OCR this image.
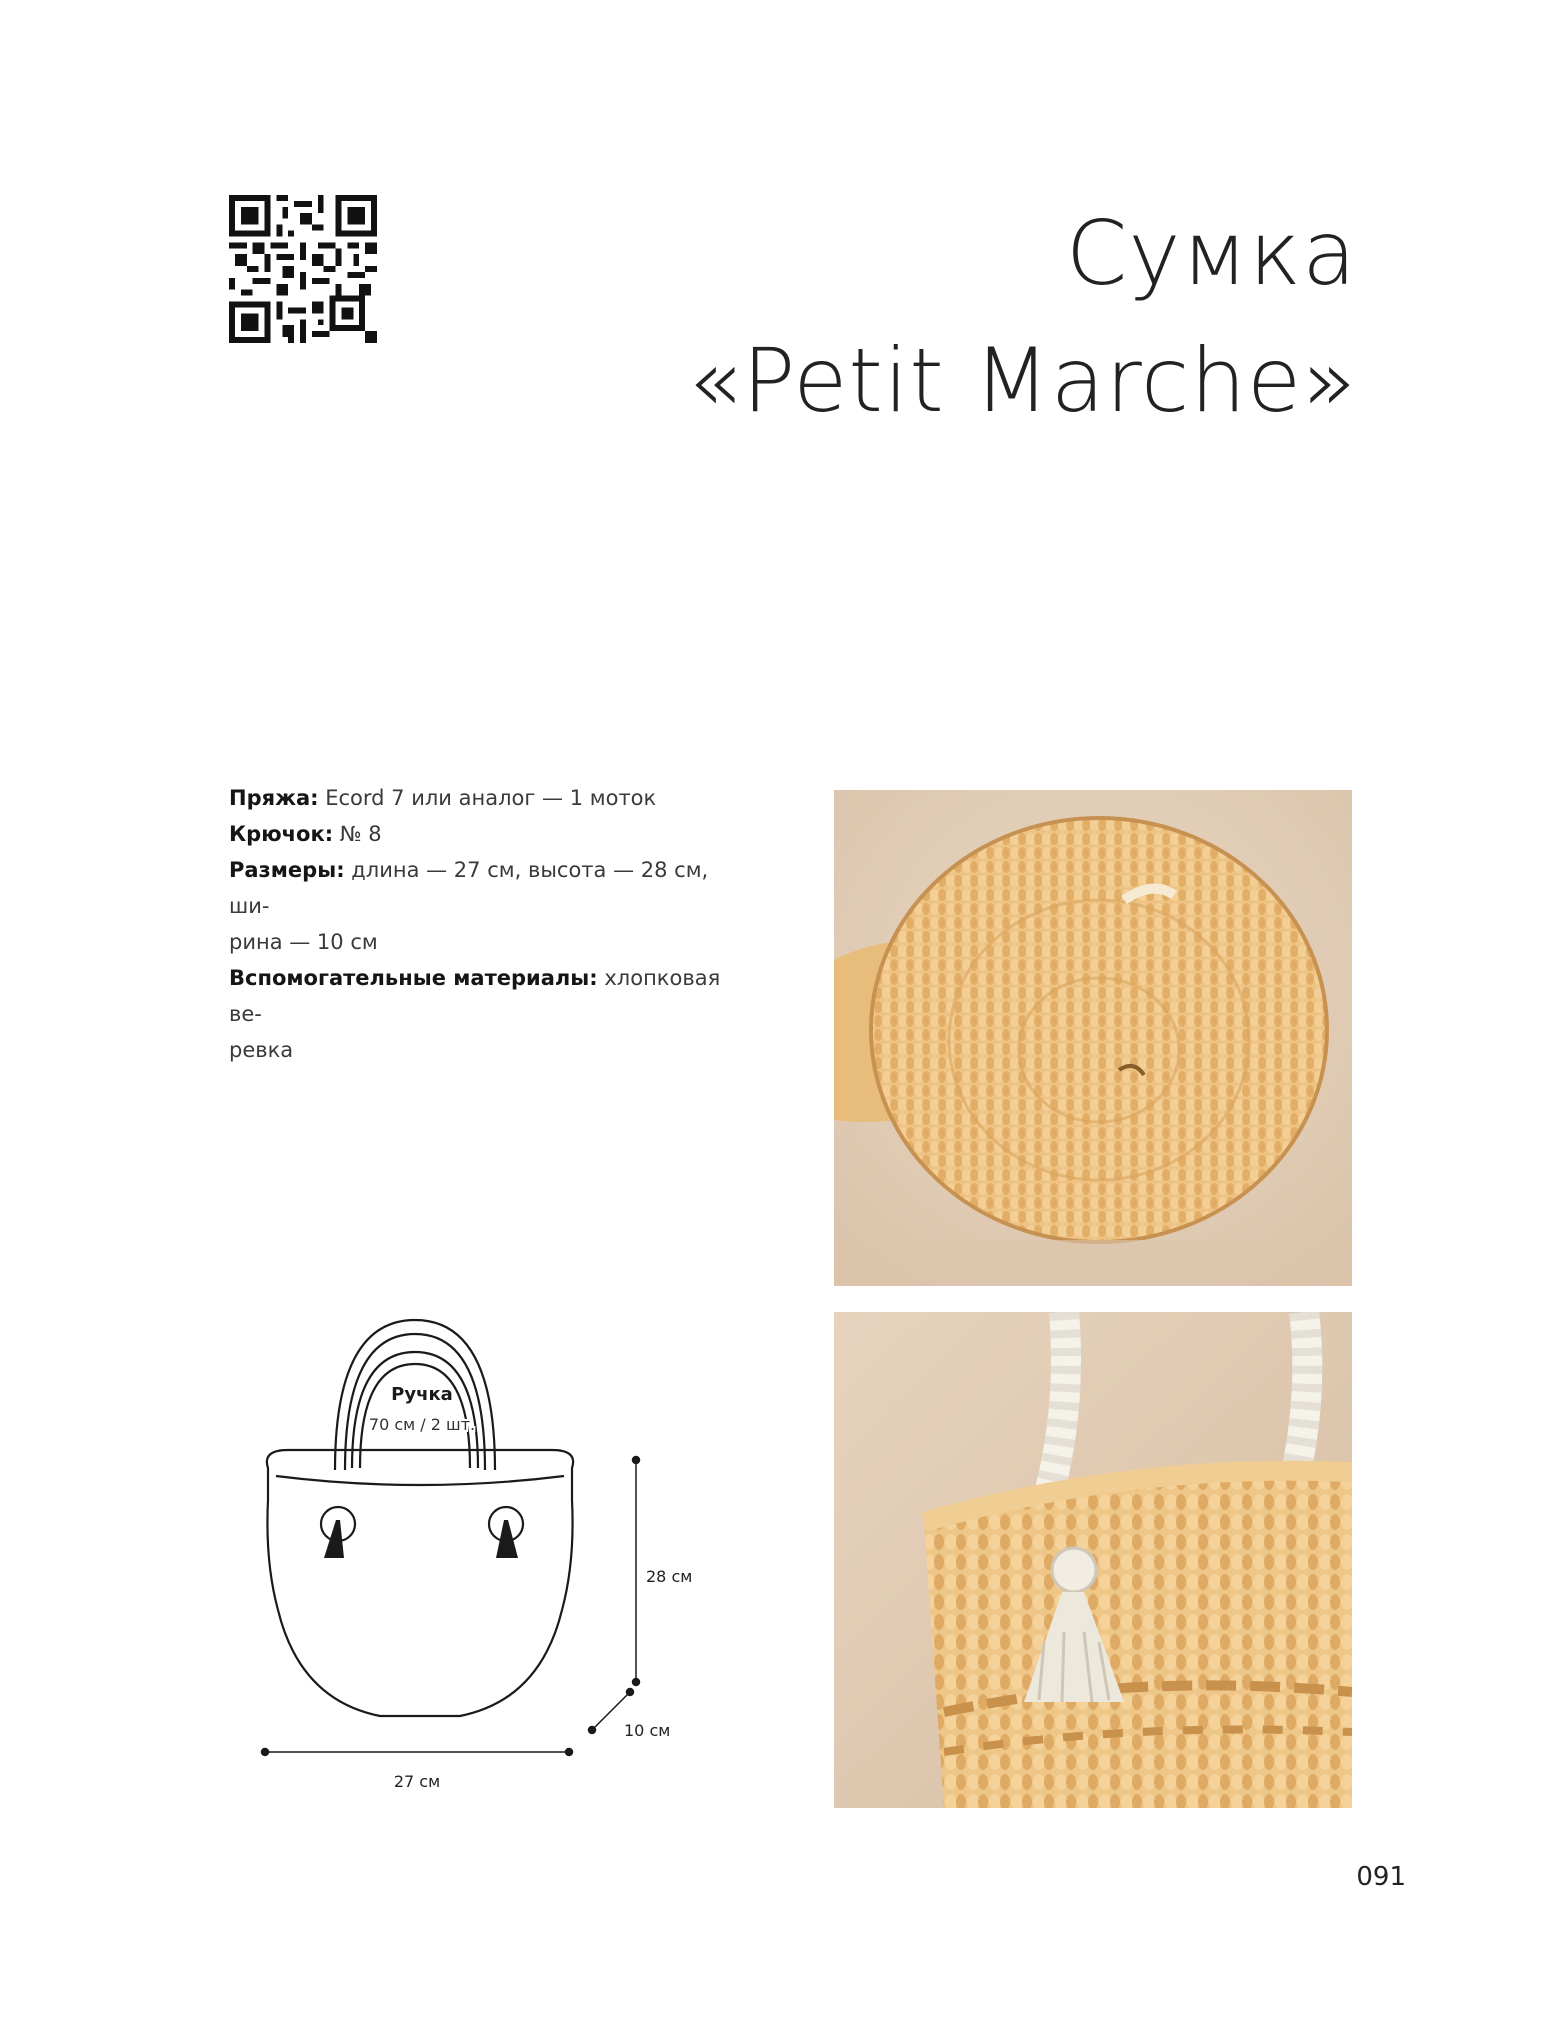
Сумка
«Petit Marche»

Пряжа: Ecord 7 или аналог — 1 моток

Крючок: № 8

Размеры: длина — 27 см, высота — 28 см, ши-

рина — 10 см

Вспомогательные материалы: хлопковая ве-

ревка

Ручка
70 см / 2 шт.
28 см
10 см
27 см
091
